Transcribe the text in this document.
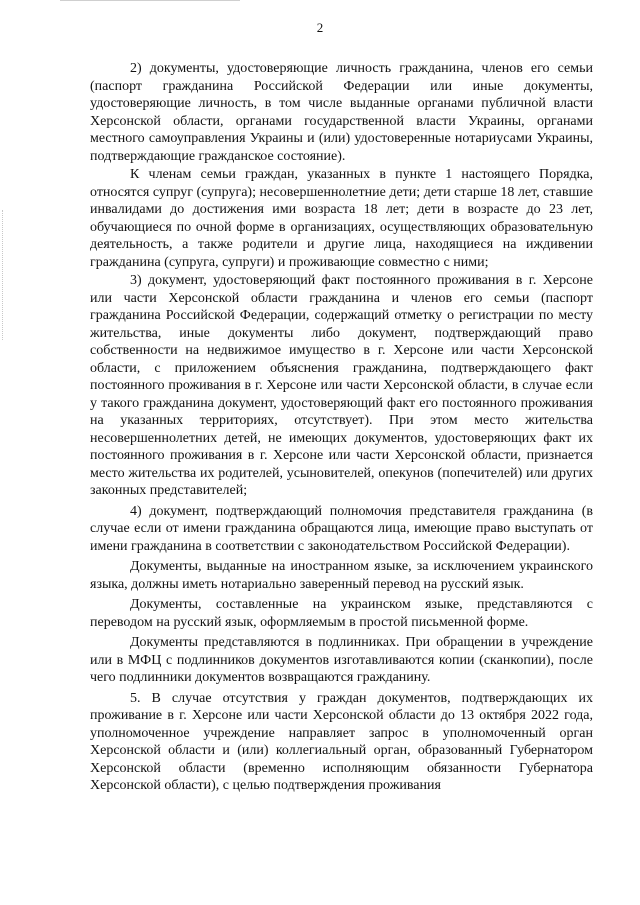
2

2) документы, удостоверяющие личность гражданина, членов его семьи (паспорт гражданина Российской Федерации или иные документы, удостоверяющие личность, в том числе выданные органами публичной власти Херсонской области, органами государственной власти Украины, органами местного самоуправления Украины и (или) удостоверенные нотариусами Украины, подтверждающие гражданское состояние).

К членам семьи граждан, указанных в пункте 1 настоящего Порядка, относятся супруг (супруга); несовершеннолетние дети; дети старше 18 лет, ставшие инвалидами до достижения ими возраста 18 лет; дети в возрасте до 23 лет, обучающиеся по очной форме в организациях, осуществляющих образовательную деятельность, а также родители и другие лица, находящиеся на иждивении гражданина (супруга, супруги) и проживающие совместно с ними;

3) документ, удостоверяющий факт постоянного проживания в г. Херсоне или части Херсонской области гражданина и членов его семьи (паспорт гражданина Российской Федерации, содержащий отметку о регистрации по месту жительства, иные документы либо документ, подтверждающий право собственности на недвижимое имущество в г. Херсоне или части Херсонской области, с приложением объяснения гражданина, подтверждающего факт постоянного проживания в г. Херсоне или части Херсонской области, в случае если у такого гражданина документ, удостоверяющий факт его постоянного проживания на указанных территориях, отсутствует). При этом место жительства несовершеннолетних детей, не имеющих документов, удостоверяющих факт их постоянного проживания в г. Херсоне или части Херсонской области, признается место жительства их родителей, усыновителей, опекунов (попечителей) или других законных представителей;

4) документ, подтверждающий полномочия представителя гражданина (в случае если от имени гражданина обращаются лица, имеющие право выступать от имени гражданина в соответствии с законодательством Российской Федерации).

Документы, выданные на иностранном языке, за исключением украинского языка, должны иметь нотариально заверенный перевод на русский язык.

Документы, составленные на украинском языке, представляются с переводом на русский язык, оформляемым в простой письменной форме.

Документы представляются в подлинниках. При обращении в учреждение или в МФЦ с подлинников документов изготавливаются копии (сканкопии), после чего подлинники документов возвращаются гражданину.

5. В случае отсутствия у граждан документов, подтверждающих их проживание в г. Херсоне или части Херсонской области до 13 октября 2022 года, уполномоченное учреждение направляет запрос в уполномоченный орган Херсонской области и (или) коллегиальный орган, образованный Губернатором Херсонской области (временно исполняющим обязанности Губернатора Херсонской области), с целью подтверждения проживания
